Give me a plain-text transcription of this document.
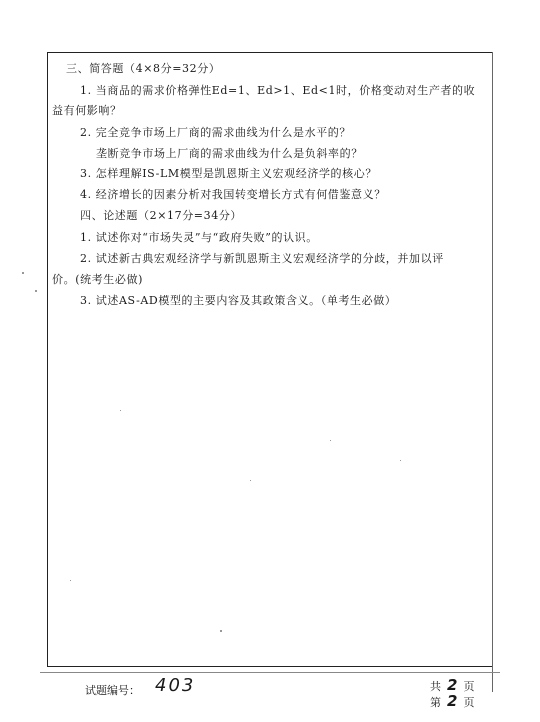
三、简答题（4×8分=32分）
1. 当商品的需求价格弹性Ed=1、Ed>1、Ed<1时，价格变动对生产者的收
益有何影响？
2. 完全竞争市场上厂商的需求曲线为什么是水平的？
垄断竞争市场上厂商的需求曲线为什么是负斜率的？
3. 怎样理解IS-LM模型是凯恩斯主义宏观经济学的核心？
4. 经济增长的因素分析对我国转变增长方式有何借鉴意义？
四、论述题（2×17分=34分）
1. 试述你对“市场失灵”与“政府失败”的认识。
2. 试述新古典宏观经济学与新凯恩斯主义宏观经济学的分歧，并加以评
价。(统考生必做)
3. 试述AS-AD模型的主要内容及其政策含义。（单考生必做）
试题编号： 403	共 2 页
第 2 页
